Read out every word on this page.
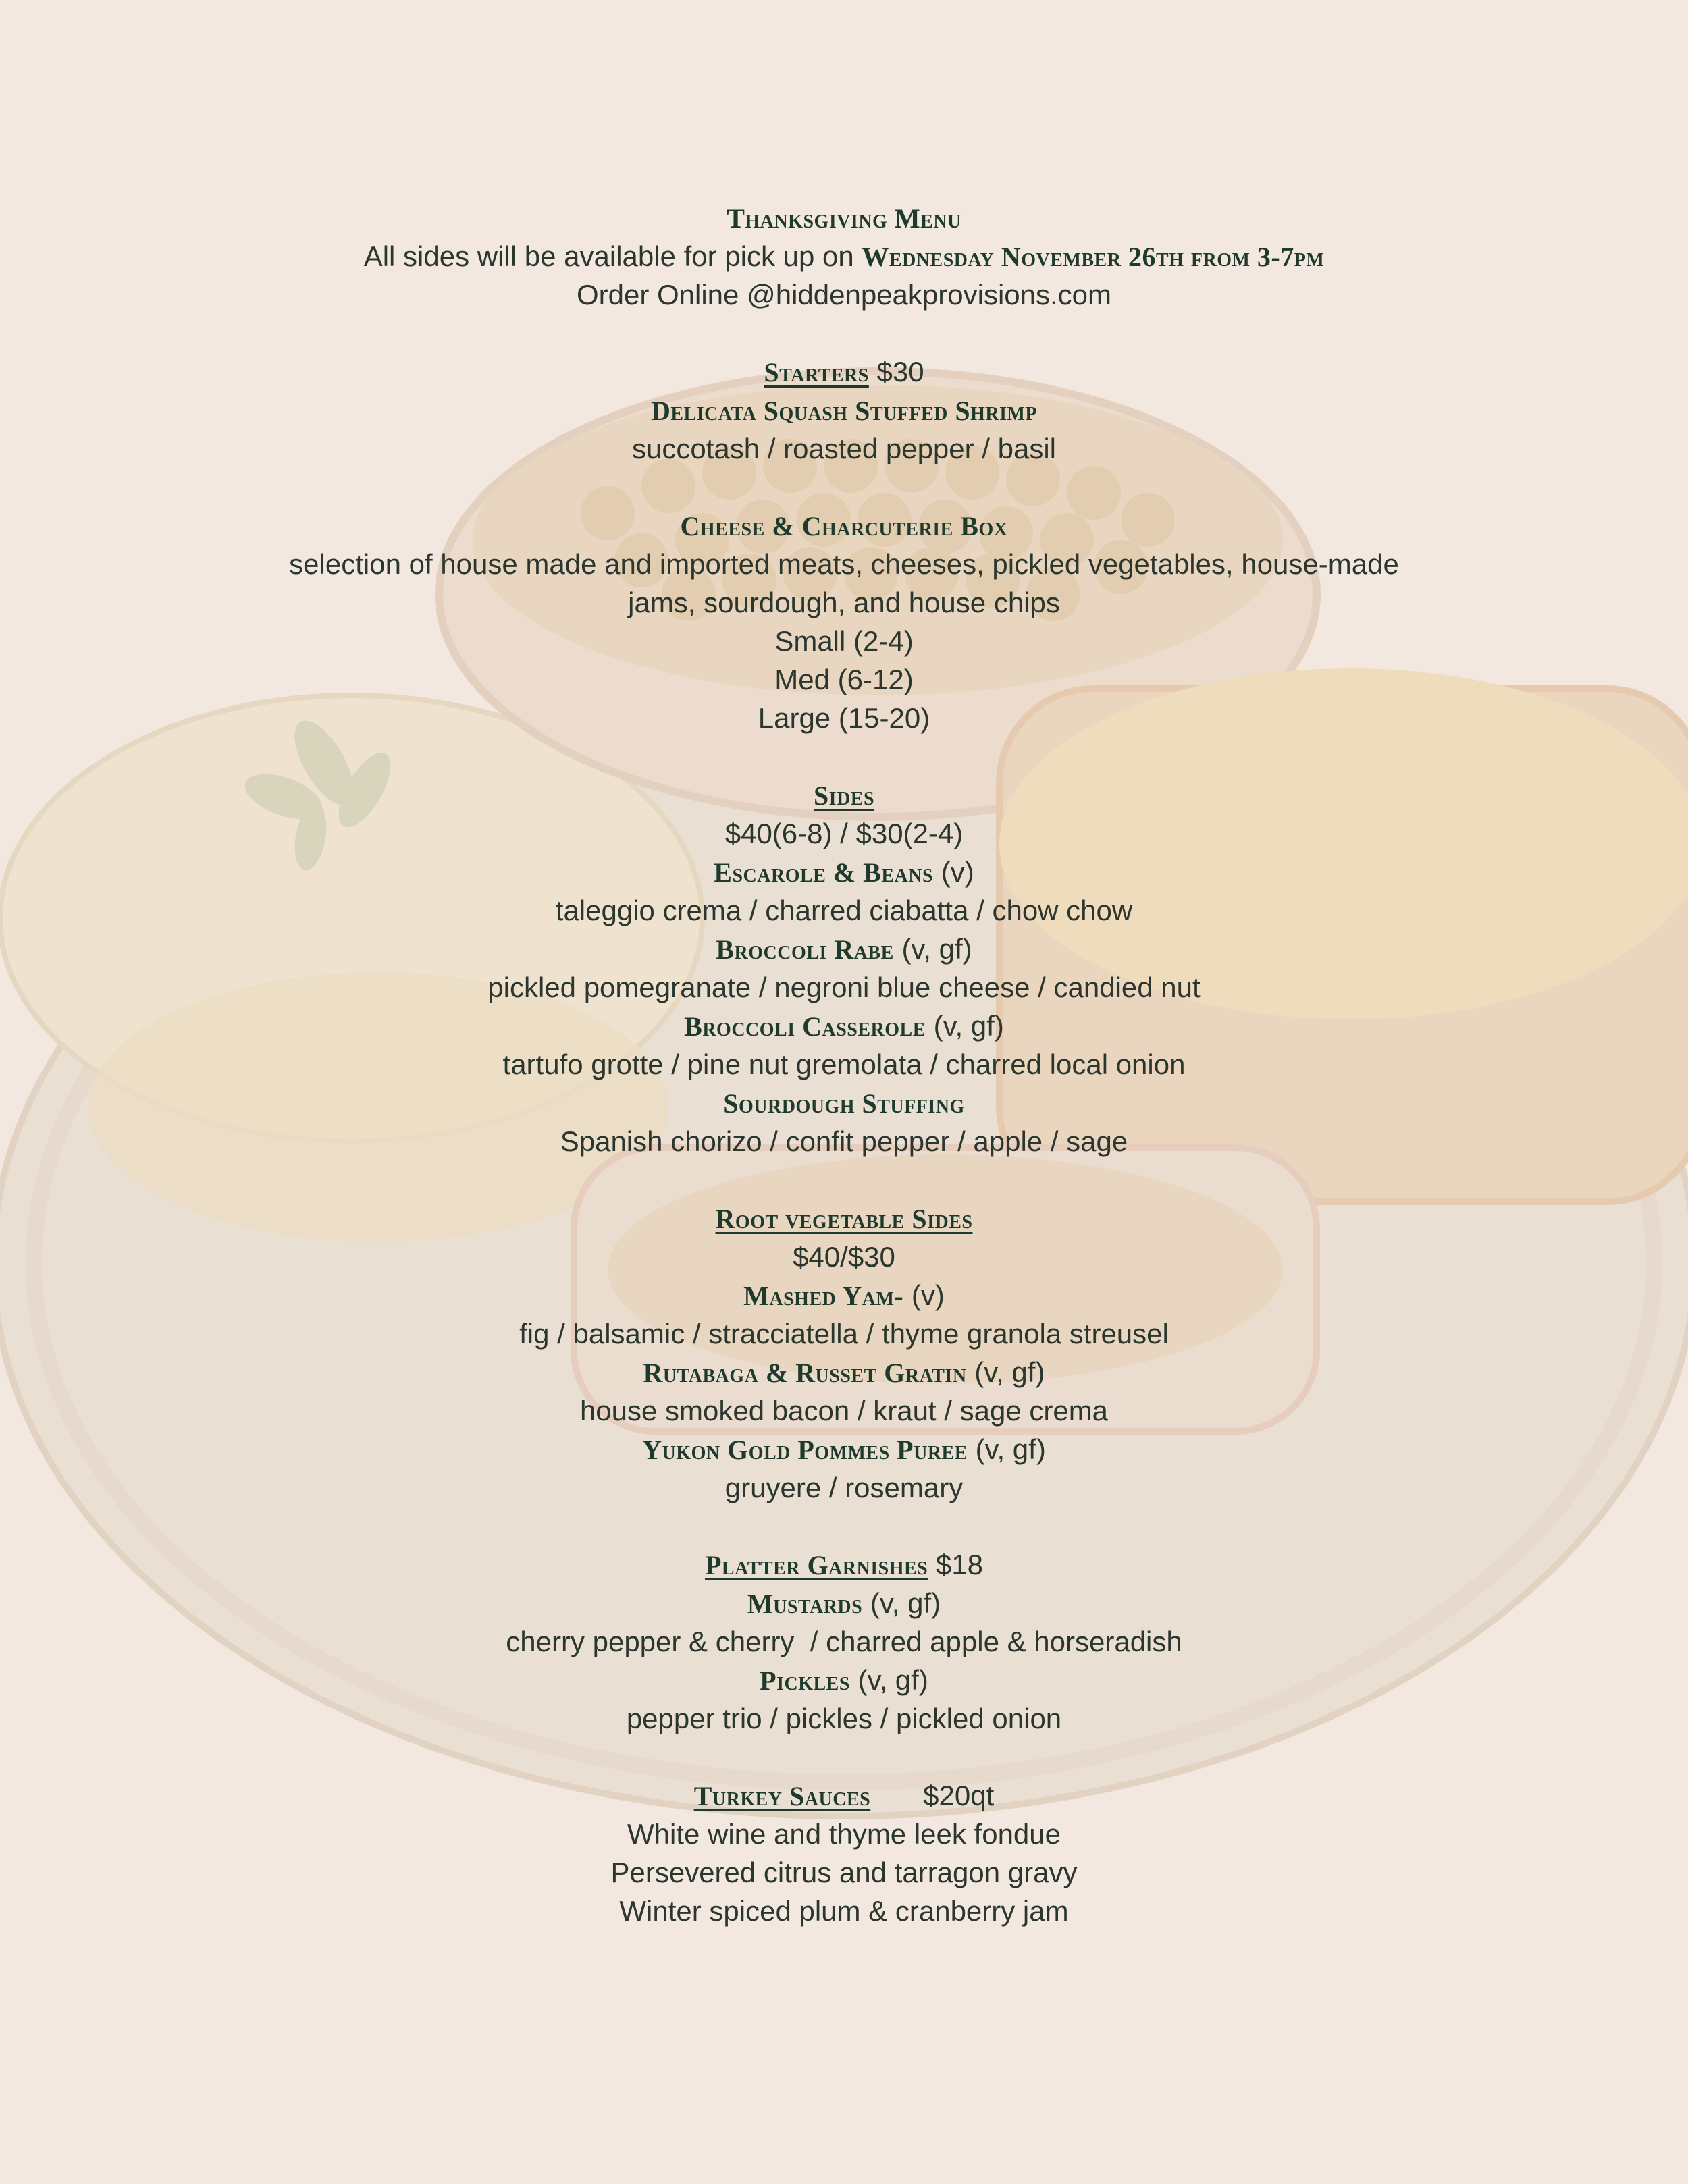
Thanksgiving Menu
All sides will be available for pick up on Wednesday November 26th from 3-7pm
Order Online @hiddenpeakprovisions.com
Starters $30
Delicata Squash Stuffed Shrimp
succotash / roasted pepper / basil
Cheese & Charcuterie Box
selection of house made and imported meats, cheeses, pickled vegetables, house-made
jams, sourdough, and house chips
Small (2-4)
Med (6-12)
Large (15-20)
Sides
$40(6-8) / $30(2-4)
Escarole & Beans (v)
taleggio crema / charred ciabatta / chow chow
Broccoli Rabe (v, gf)
pickled pomegranate / negroni blue cheese / candied nut
Broccoli Casserole (v, gf)
tartufo grotte / pine nut gremolata / charred local onion
Sourdough Stuffing
Spanish chorizo / confit pepper / apple / sage
Root vegetable Sides
$40/$30
Mashed Yam- (v)
fig / balsamic / stracciatella / thyme granola streusel
Rutabaga & Russet Gratin (v, gf)
house smoked bacon / kraut / sage crema
Yukon Gold Pommes Puree (v, gf)
gruyere / rosemary
Platter Garnishes $18
Mustards (v, gf)
cherry pepper & cherry  / charred apple & horseradish
Pickles (v, gf)
pepper trio / pickles / pickled onion
Turkey Sauces $20qt
White wine and thyme leek fondue
Persevered citrus and tarragon gravy
Winter spiced plum & cranberry jam
